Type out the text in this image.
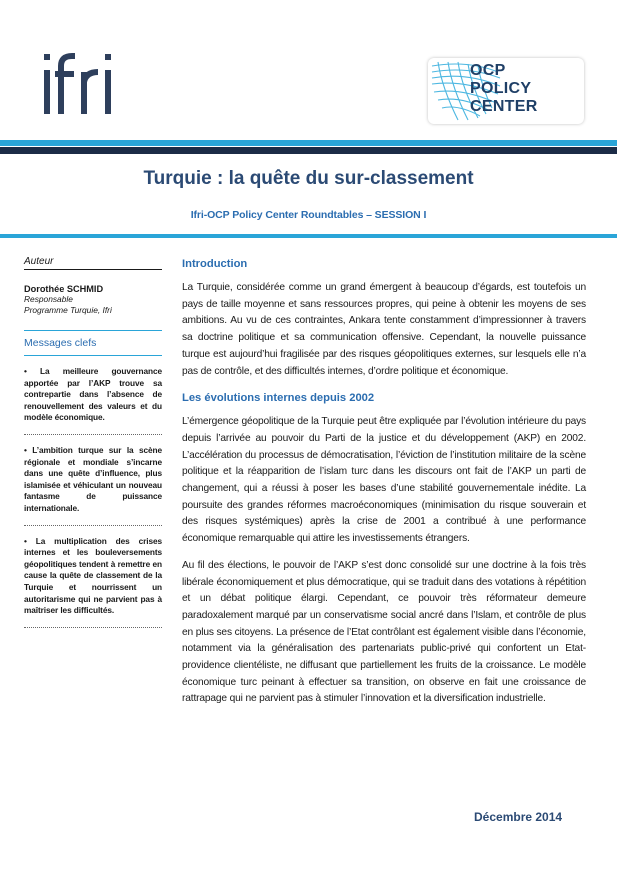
OCP
POLICY
CENTER
Turquie : la quête du sur-classement
Ifri-OCP Policy Center Roundtables – SESSION I
Auteur
Dorothée SCHMID
Responsable
Programme Turquie, Ifri
Messages clefs
• La meilleure gouvernance apportée par l’AKP trouve sa contrepartie dans l’absence de renouvellement des valeurs et du modèle économique.
• L’ambition turque sur la scène régionale et mondiale s’incarne dans une quête d’influence, plus islamisée et véhiculant un nouveau fantasme de puissance internationale.
• La multiplication des crises internes et les bouleversements géopolitiques tendent à remettre en cause la quête de classement de la Turquie et nourrissent un autoritarisme qui ne parvient pas à maîtriser les difficultés.
Introduction

La Turquie, considérée comme un grand émergent à beaucoup d’égards, est toutefois un pays de taille moyenne et sans ressources propres, qui peine à obtenir les moyens de ses ambitions. Au vu de ces contraintes, Ankara tente constamment d’impressionner à travers sa doctrine politique et sa communication offensive. Cependant, la nouvelle puissance turque est aujourd’hui fragilisée par des risques géopolitiques externes, sur lesquels elle n’a pas de contrôle, et des difficultés internes, d’ordre politique et économique.

Les évolutions internes depuis 2002

L’émergence géopolitique de la Turquie peut être expliquée par l’évolution intérieure du pays depuis l’arrivée au pouvoir du Parti de la justice et du développement (AKP) en 2002. L’accélération du processus de démocratisation, l’éviction de l’institution militaire de la scène politique et la réapparition de l’islam turc dans les discours ont fait de l’AKP un parti de changement, qui a réussi à poser les bases d’une stabilité gouvernementale inédite. La poursuite des grandes réformes macroéconomiques (minimisation du risque souverain et des risques systémiques) après la crise de 2001 a contribué à une performance économique remarquable qui attire les investissements étrangers.

Au fil des élections, le pouvoir de l’AKP s’est donc consolidé sur une doctrine à la fois très libérale économiquement et plus démocratique, qui se traduit dans des votations à répétition et un débat politique élargi. Cependant, ce pouvoir très réformateur demeure paradoxalement marqué par un conservatisme social ancré dans l’Islam, et contrôle de plus en plus ses citoyens. La présence de l’Etat contrôlant est également visible dans l’économie, notamment via la généralisation des partenariats public-privé qui confortent un Etat-providence clientéliste, ne diffusant que partiellement les fruits de la croissance. Le modèle économique turc peinant à effectuer sa transition, on observe en fait une croissance de rattrapage qui ne parvient pas à stimuler l’innovation et la diversification industrielle.

Décembre 2014
